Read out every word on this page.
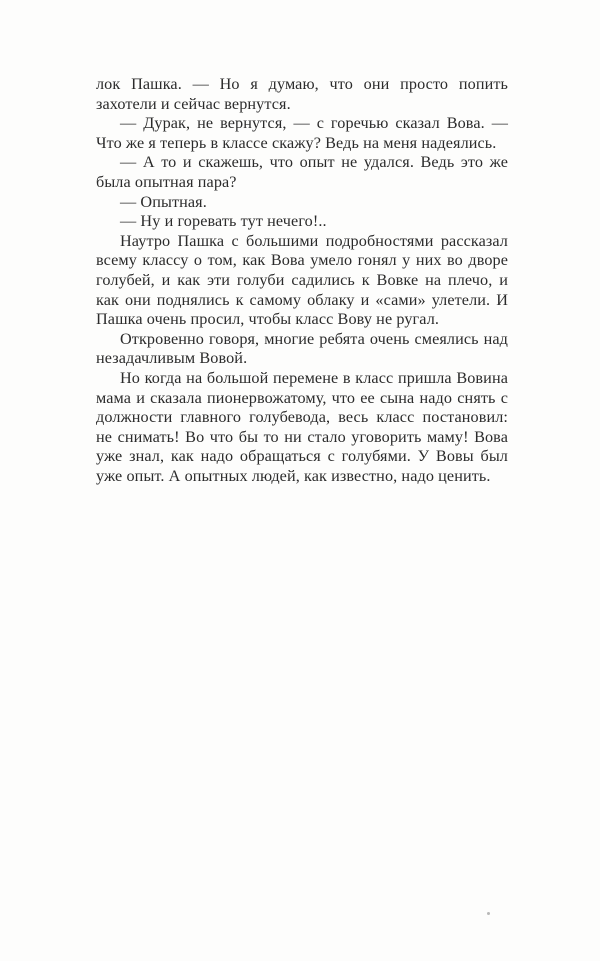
лок Пашка. — Но я думаю, что они просто попить захотели и сейчас вернутся.

— Дурак, не вернутся, — с горечью сказал Вова. — Что же я теперь в классе скажу? Ведь на меня надеялись.

— А то и скажешь, что опыт не удался. Ведь это же была опытная пара?

— Опытная.

— Ну и горевать тут нечего!..

Наутро Пашка с большими подробностями рассказал всему классу о том, как Вова умело гонял у них во дворе голубей, и как эти голуби садились к Вовке на плечо, и как они поднялись к самому облаку и «сами» улетели. И Пашка очень просил, чтобы класс Вову не ругал.

Откровенно говоря, многие ребята очень смеялись над незадачливым Вовой.

Но когда на большой перемене в класс пришла Вовина мама и сказала пионервожатому, что ее сына надо снять с должности главного голубевода, весь класс постановил: не снимать! Во что бы то ни стало уговорить маму! Вова уже знал, как надо обращаться с голубями. У Вовы был уже опыт. А опытных людей, как известно, надо ценить.
